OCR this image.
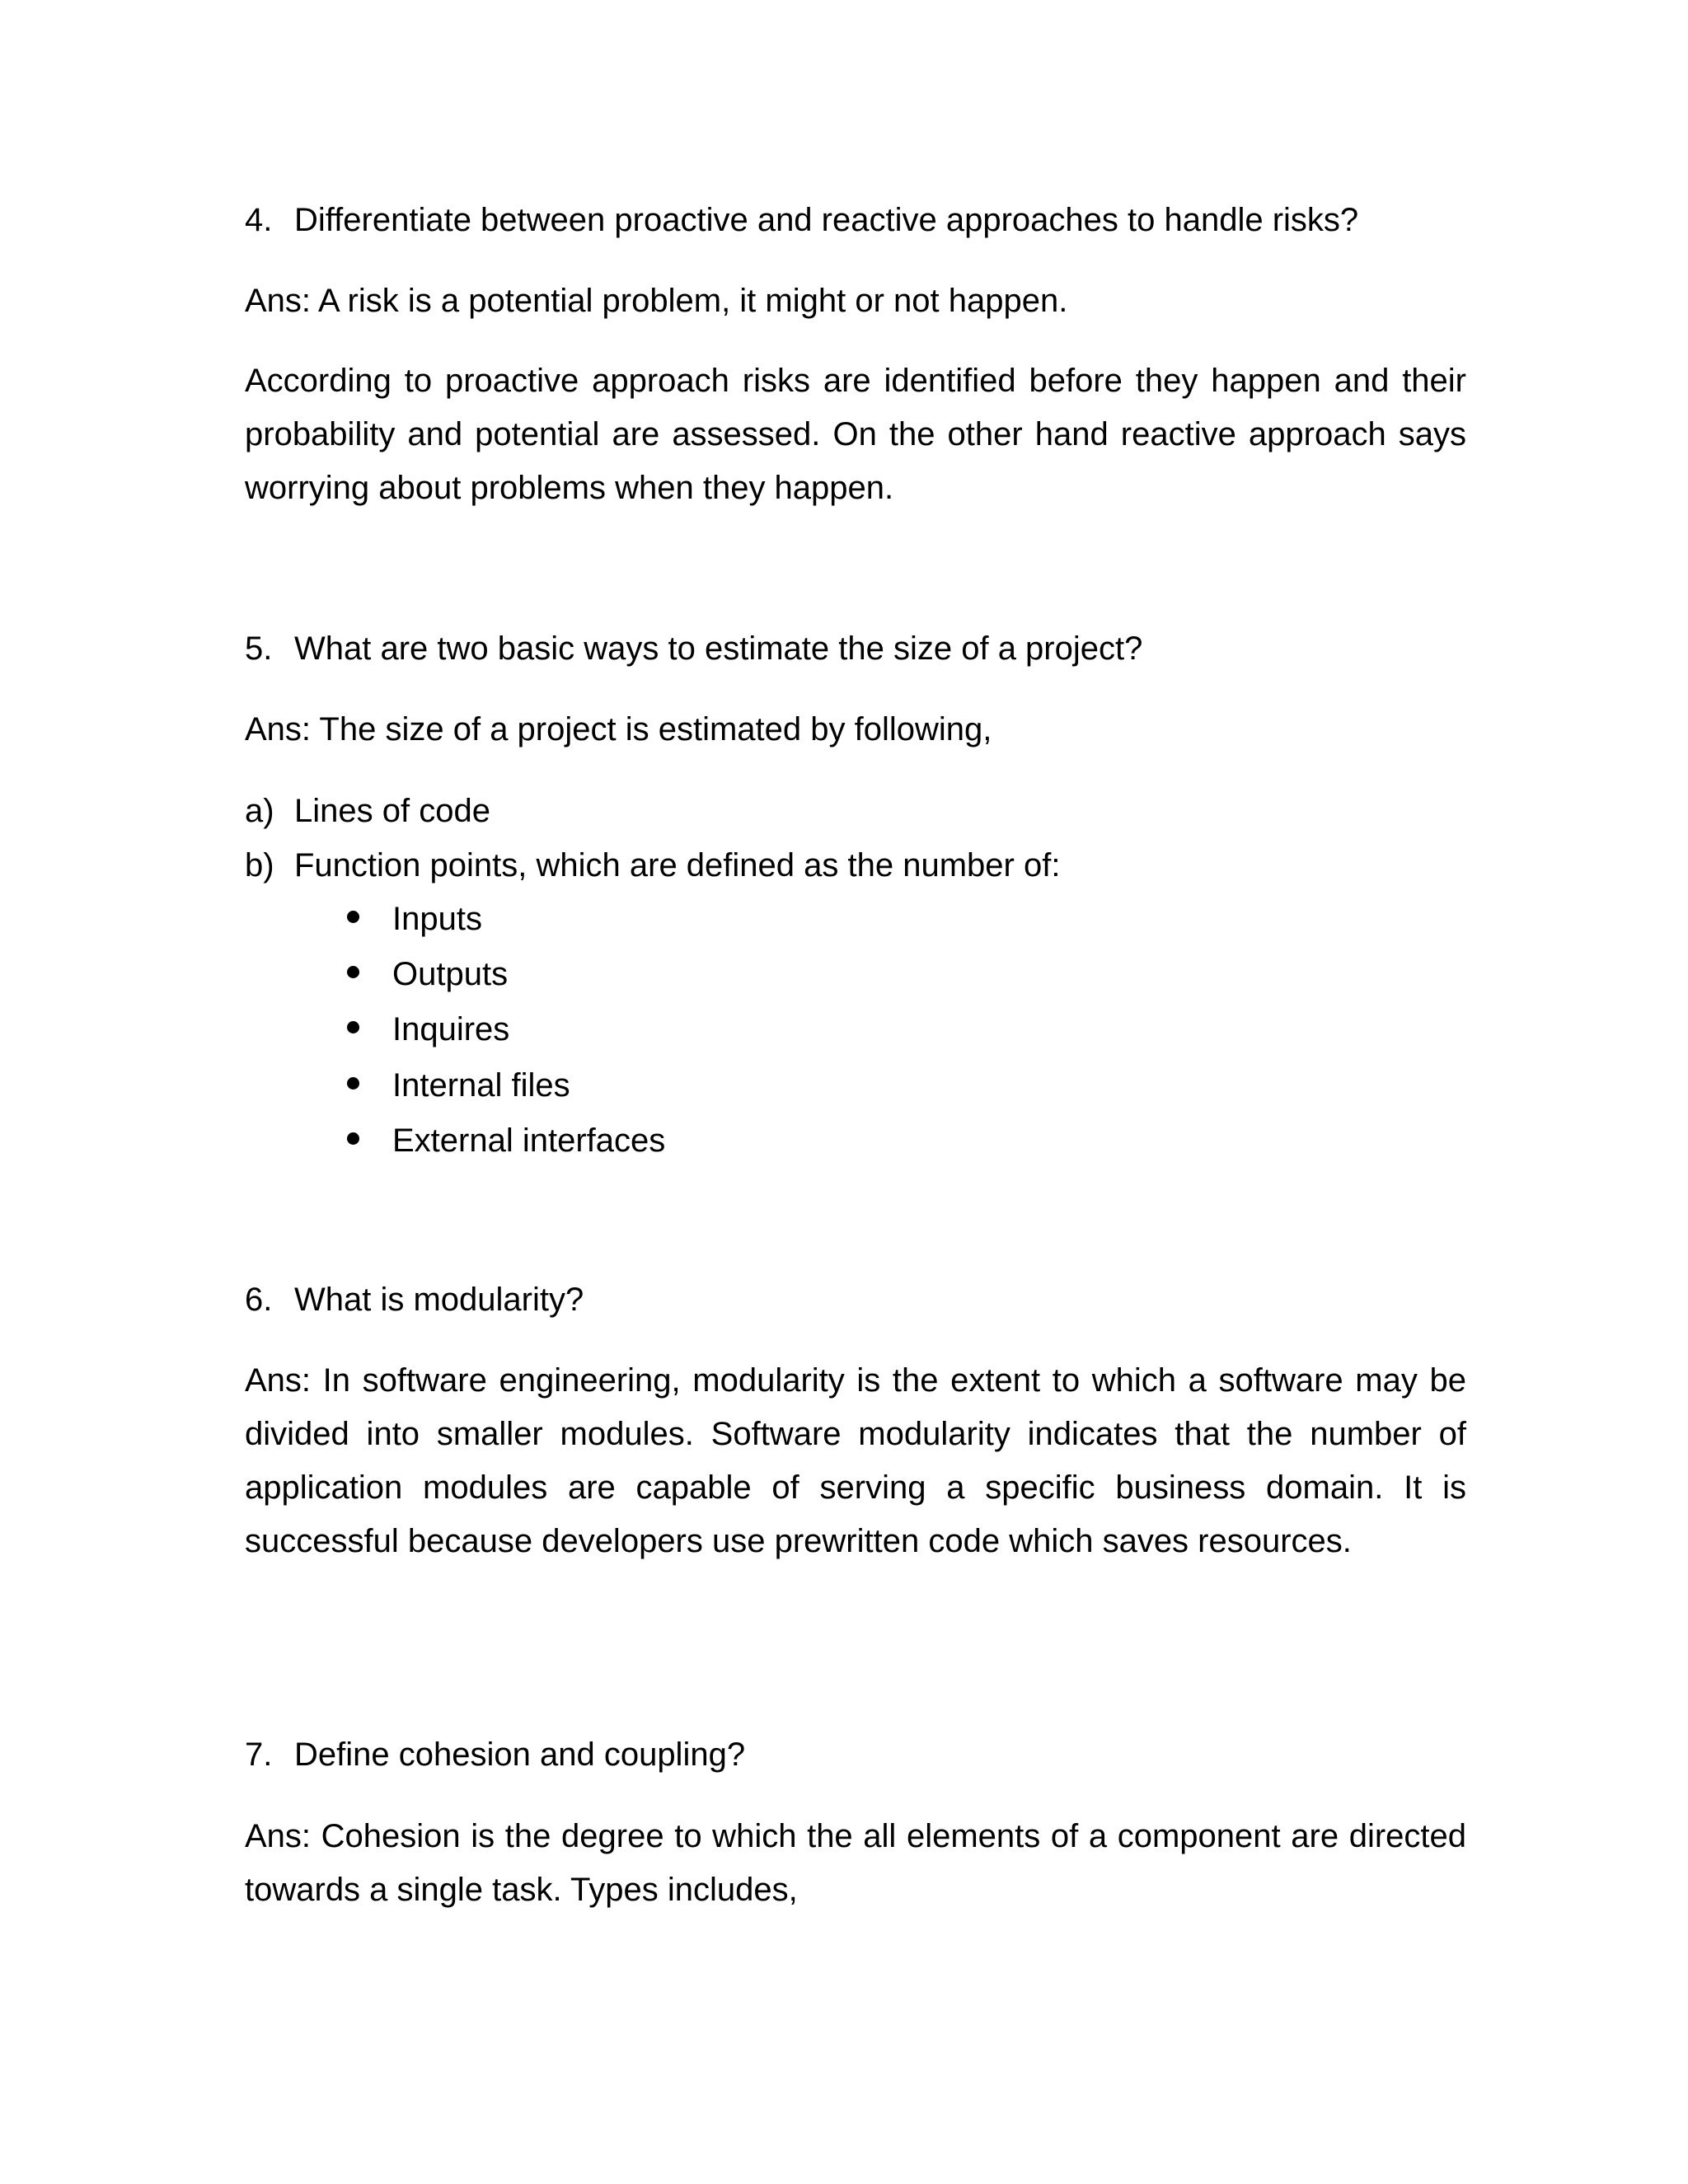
4. Differentiate between proactive and reactive approaches to handle risks?
Ans: A risk is a potential problem, it might or not happen.

According to proactive approach risks are identified before they happen and their probability and potential are assessed. On the other hand reactive approach says worrying about problems when they happen.

5. What are two basic ways to estimate the size of a project?
Ans: The size of a project is estimated by following,
a) Lines of code
b) Function points, which are defined as the number of:
Inputs
Outputs
Inquires
Internal files
External interfaces
6. What is modularity?

Ans: In software engineering, modularity is the extent to which a software may be divided into smaller modules. Software modularity indicates that the number of application modules are capable of serving a specific business domain. It is successful because developers use prewritten code which saves resources.

7. Define cohesion and coupling?

Ans: Cohesion is the degree to which the all elements of a component are directed towards a single task. Types includes,
